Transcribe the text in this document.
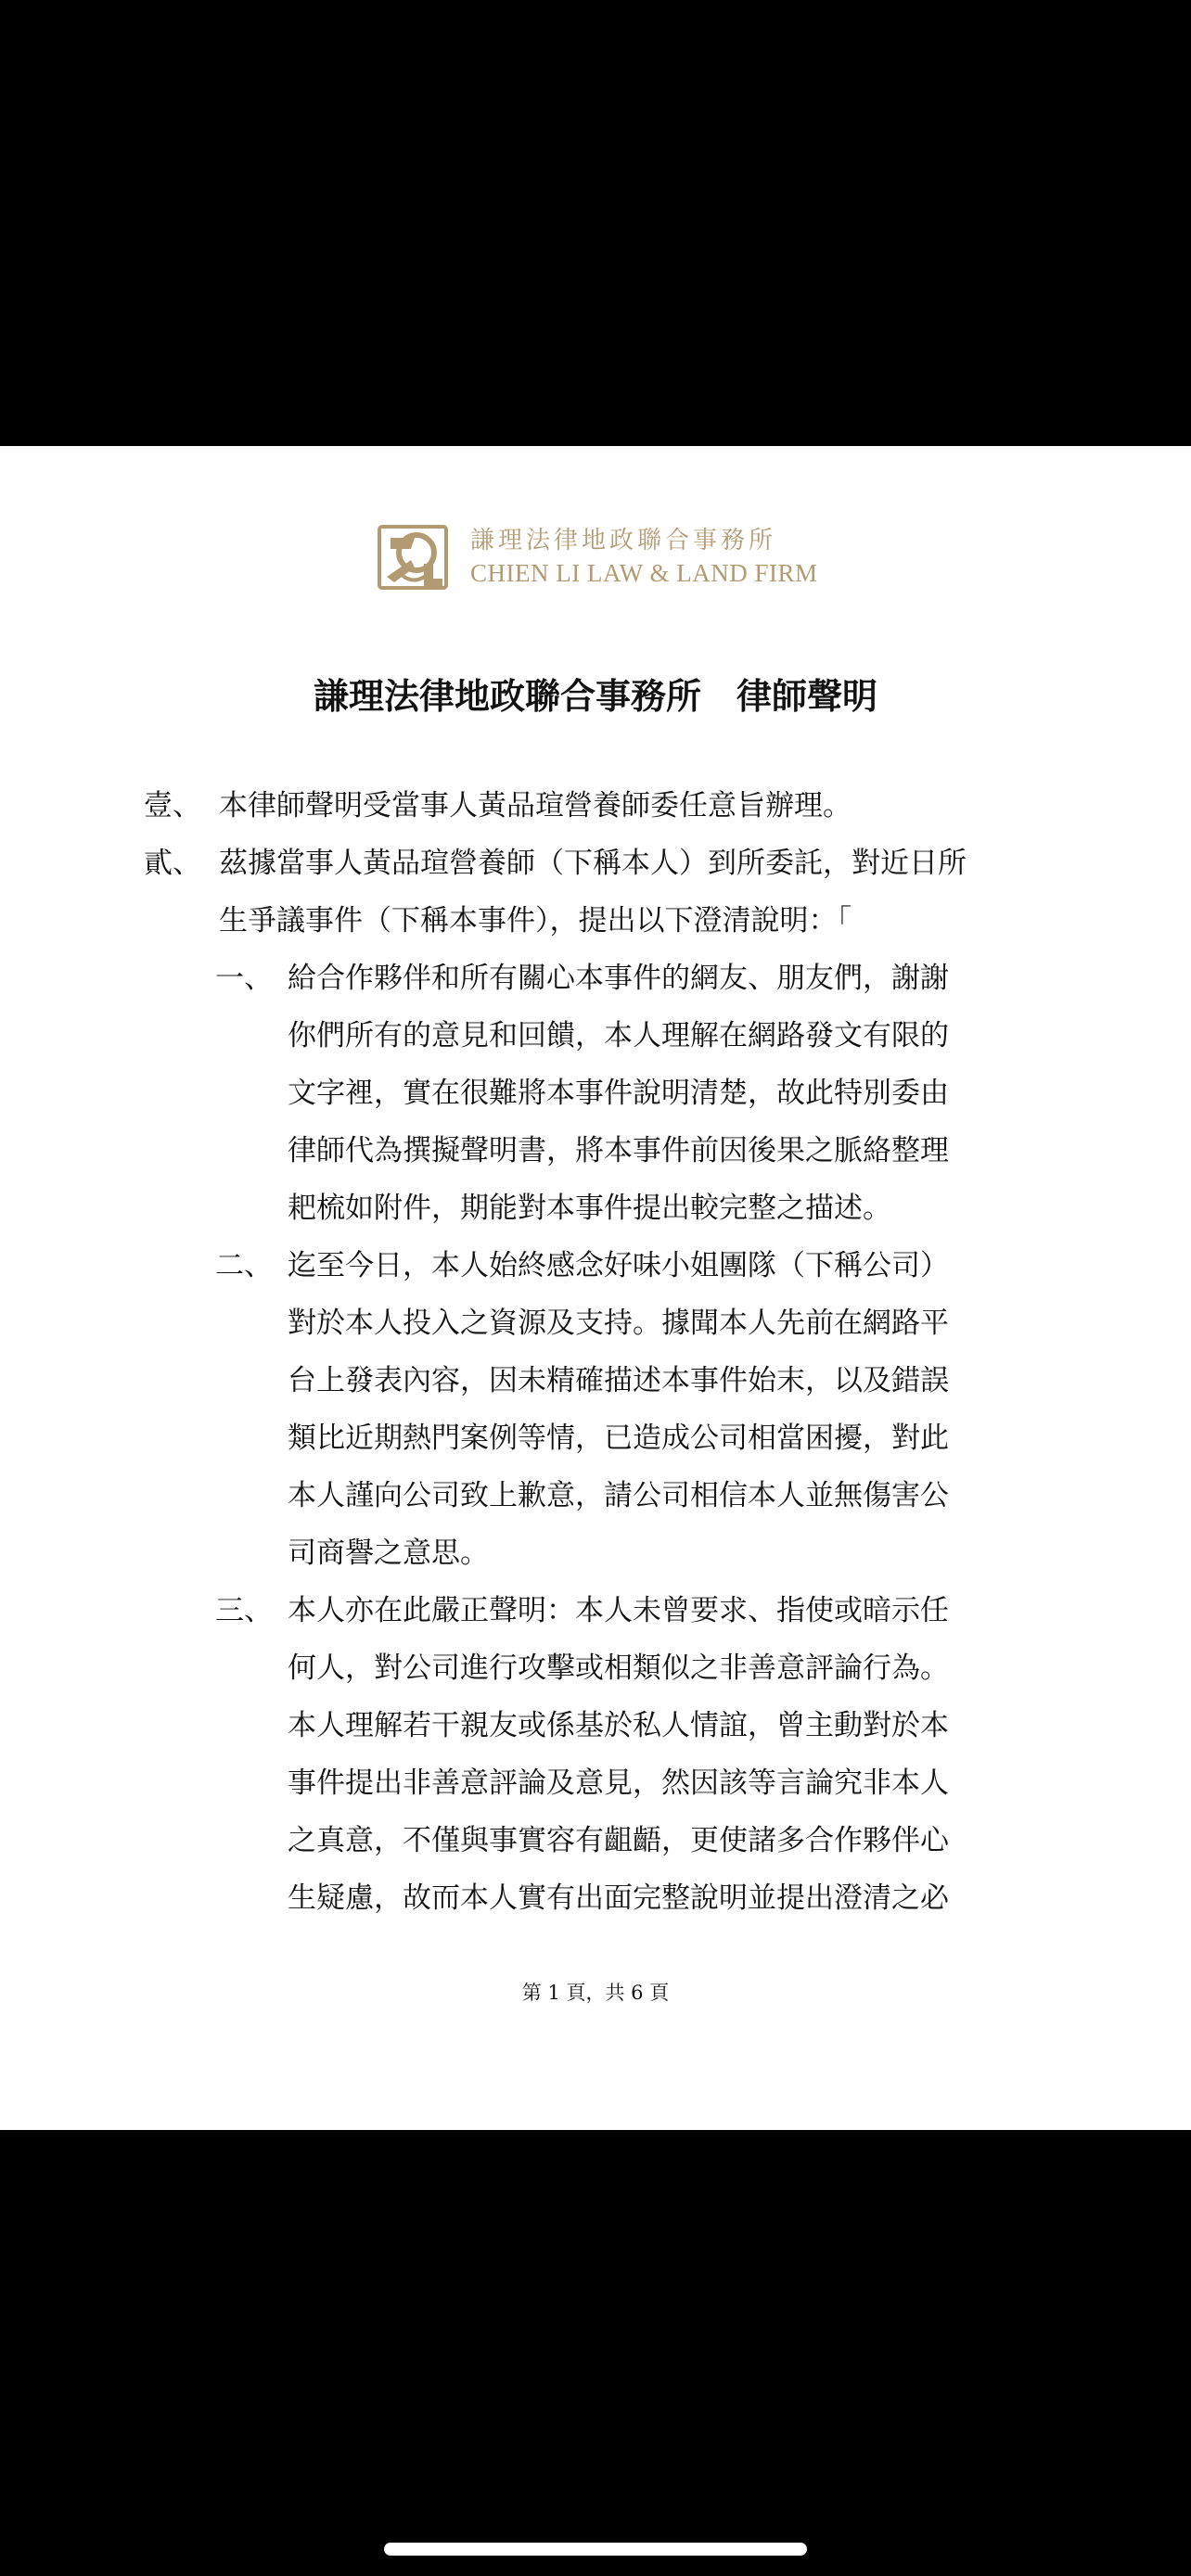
謙理法律地政聯合事務所
CHIEN LI LAW & LAND FIRM
謙理法律地政聯合事務所　律師聲明
壹、 本律師聲明受當事人黃品瑄營養師委任意旨辦理。
貳、 茲據當事人黃品瑄營養師（下稱本人）到所委託，對近日所
生爭議事件（下稱本事件），提出以下澄清說明：「
一、 給合作夥伴和所有關心本事件的網友、朋友們，謝謝
你們所有的意見和回饋，本人理解在網路發文有限的
文字裡，實在很難將本事件說明清楚，故此特別委由
律師代為撰擬聲明書，將本事件前因後果之脈絡整理
耙梳如附件，期能對本事件提出較完整之描述。
二、 迄至今日，本人始終感念好味小姐團隊（下稱公司）
對於本人投入之資源及支持。據聞本人先前在網路平
台上發表內容，因未精確描述本事件始末，以及錯誤
類比近期熱門案例等情，已造成公司相當困擾，對此
本人謹向公司致上歉意，請公司相信本人並無傷害公
司商譽之意思。
三、 本人亦在此嚴正聲明：本人未曾要求、指使或暗示任
何人，對公司進行攻擊或相類似之非善意評論行為。
本人理解若干親友或係基於私人情誼，曾主動對於本
事件提出非善意評論及意見，然因該等言論究非本人
之真意，不僅與事實容有齟齬，更使諸多合作夥伴心
生疑慮，故而本人實有出面完整說明並提出澄清之必
第 1 頁，共 6 頁
